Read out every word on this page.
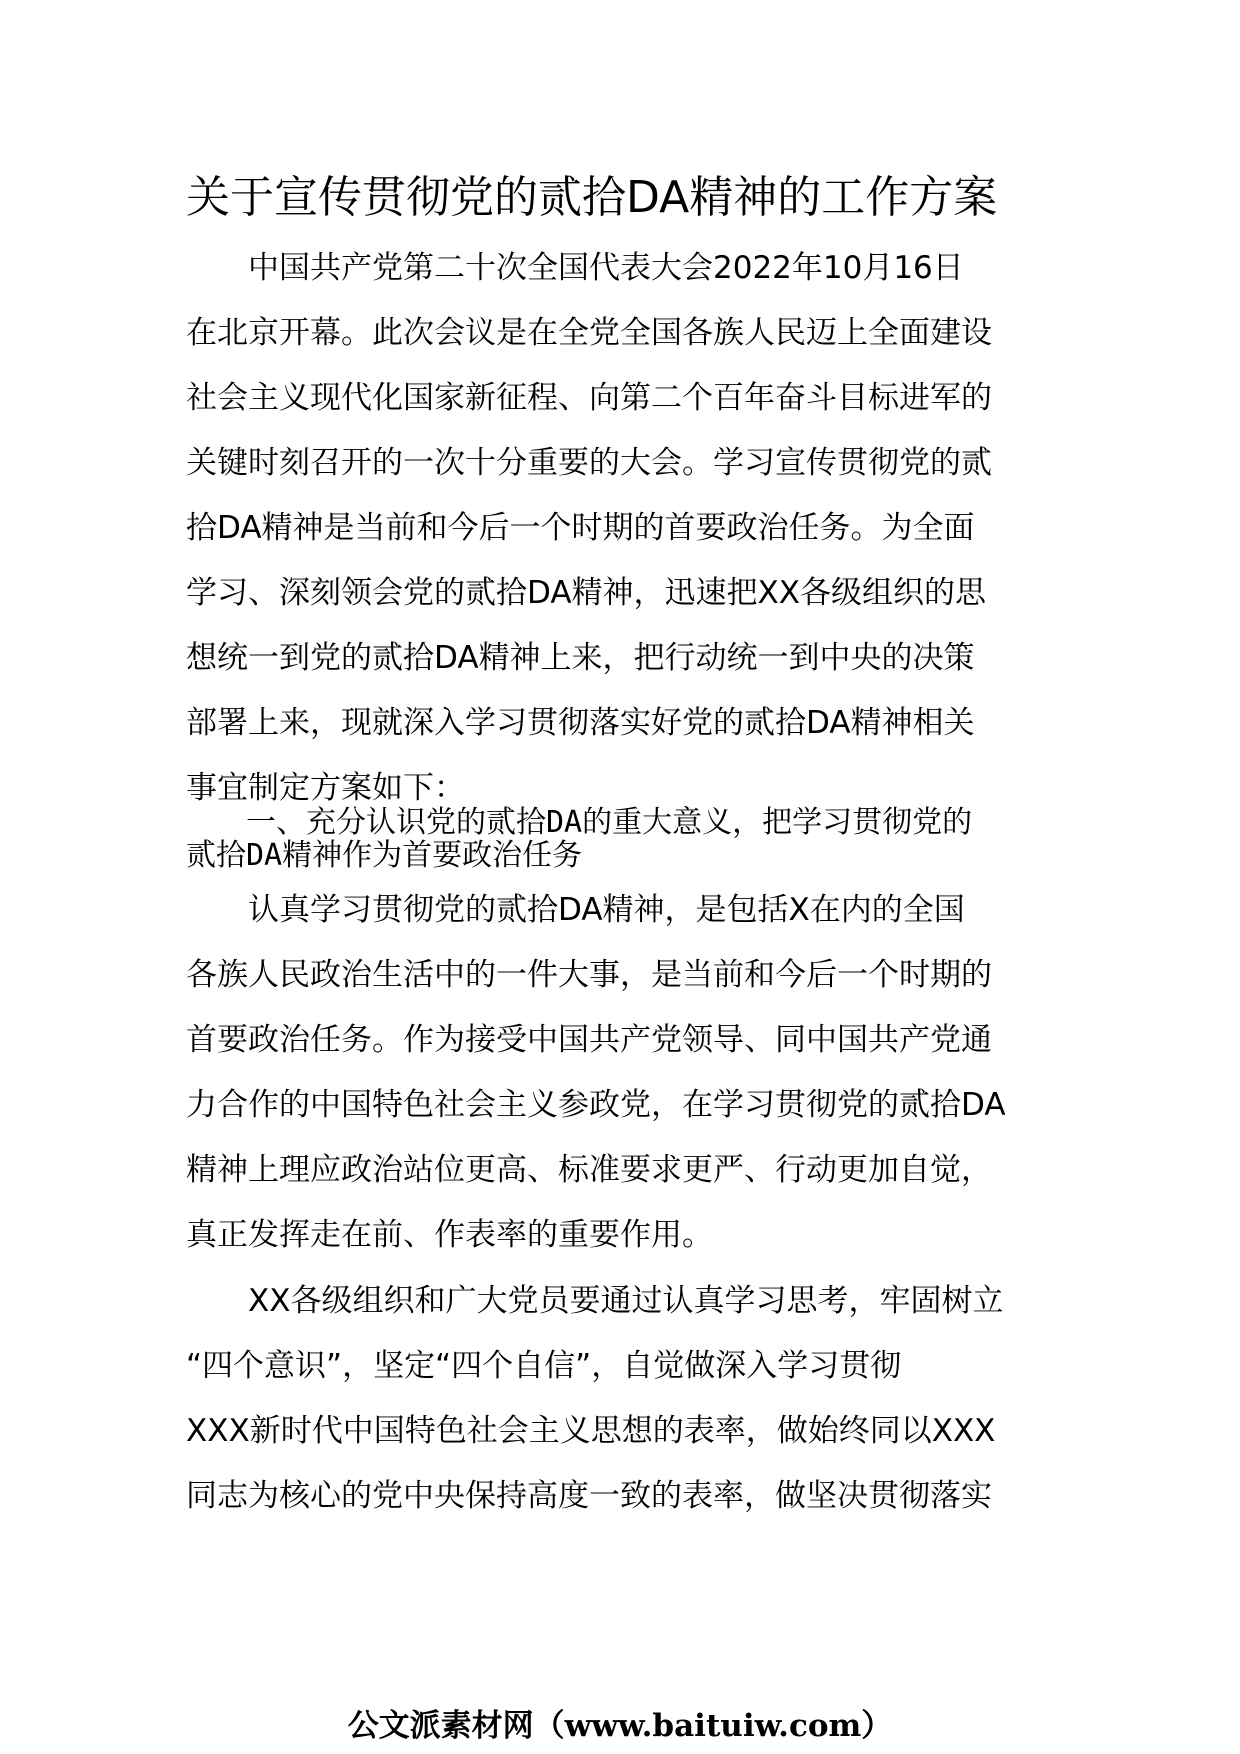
关于宣传贯彻党的贰拾DA精神的工作方案
　　中国共产党第二十次全国代表大会2022年10月16日
在北京开幕。此次会议是在全党全国各族人民迈上全面建设
社会主义现代化国家新征程、向第二个百年奋斗目标进军的
关键时刻召开的一次十分重要的大会。学习宣传贯彻党的贰
拾DA精神是当前和今后一个时期的首要政治任务。为全面
学习、深刻领会党的贰拾DA精神，迅速把XX各级组织的思
想统一到党的贰拾DA精神上来，把行动统一到中央的决策
部署上来，现就深入学习贯彻落实好党的贰拾DA精神相关
事宜制定方案如下：
　　一、充分认识党的贰拾DA的重大意义，把学习贯彻党的
贰拾DA精神作为首要政治任务
　　认真学习贯彻党的贰拾DA精神，是包括X在内的全国
各族人民政治生活中的一件大事，是当前和今后一个时期的
首要政治任务。作为接受中国共产党领导、同中国共产党通
力合作的中国特色社会主义参政党，在学习贯彻党的贰拾DA
精神上理应政治站位更高、标准要求更严、行动更加自觉，
真正发挥走在前、作表率的重要作用。
　　XX各级组织和广大党员要通过认真学习思考，牢固树立
“四个意识”，坚定“四个自信”，自觉做深入学习贯彻
XXX新时代中国特色社会主义思想的表率，做始终同以XXX
同志为核心的党中央保持高度一致的表率，做坚决贯彻落实
公文派素材网（www.baituiw.com）
